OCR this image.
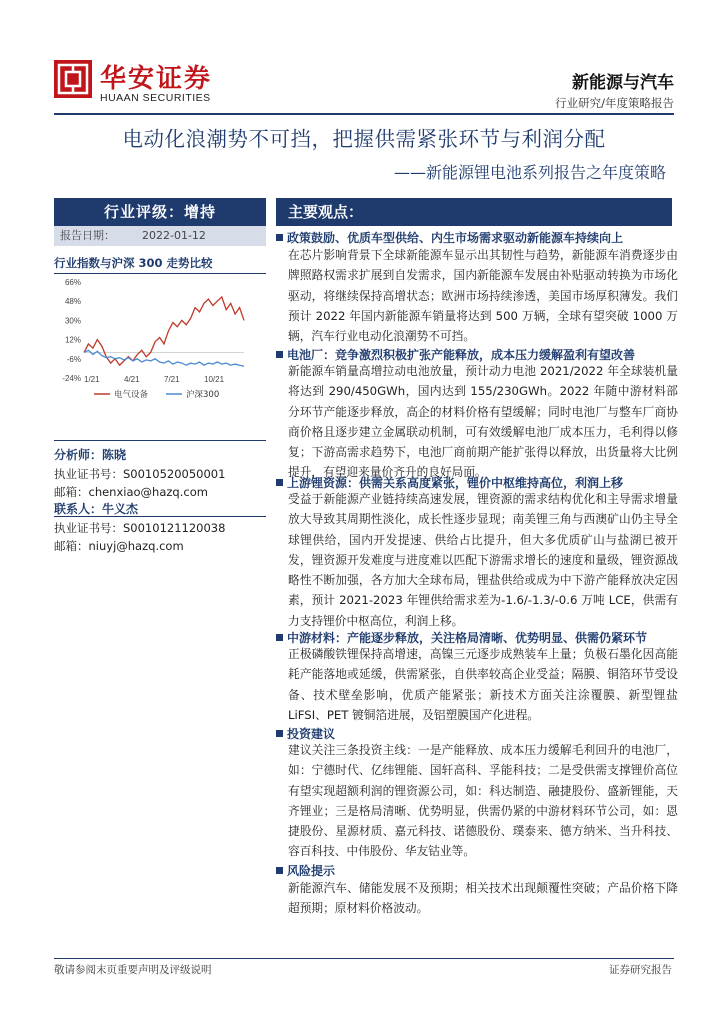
华安证券
HUAAN SECURITIES
新能源与汽车
行业研究/年度策略报告
电动化浪潮势不可挡，把握供需紧张环节与利润分配
——新能源锂电池系列报告之年度策略
行业评级：增持
报告日期： 2022-01-12
行业指数与沪深 300 走势比较
66%
48%
30%
12%
-6%
-24% 1/21	4/21	7/21	10/21
电气设备	沪深300
分析师：陈晓
执业证书号：S0010520050001
邮箱：chenxiao@hazq.com
联系人：牛义杰
执业证书号：S0010121120038
邮箱：niuyj@hazq.com
主要观点：
政策鼓励、优质车型供给、内生市场需求驱动新能源车持续向上

在芯片影响背景下全球新能源车显示出其韧性与趋势，新能源车消费逐步由牌照路权需求扩展到自发需求，国内新能源车发展由补贴驱动转换为市场化驱动，将继续保持高增状态；欧洲市场持续渗透，美国市场厚积薄发。我们预计 2022 年国内新能源车销量将达到 500 万辆，全球有望突破 1000 万辆，汽车行业电动化浪潮势不可挡。

电池厂：竞争激烈积极扩张产能释放，成本压力缓解盈利有望改善

新能源车销量高增拉动电池放量，预计动力电池 2021/2022 年全球装机量将达到 290/450GWh，国内达到 155/230GWh。2022 年随中游材料部分环节产能逐步释放，高企的材料价格有望缓解；同时电池厂与整车厂商协商价格且逐步建立金属联动机制，可有效缓解电池厂成本压力，毛利得以修复；下游高需求趋势下，电池厂商前期产能扩张得以释放，出货量将大比例提升，有望迎来量价齐升的良好局面。

上游锂资源：供需关系高度紧张，锂价中枢维持高位，利润上移

受益于新能源产业链持续高速发展，锂资源的需求结构优化和主导需求增量放大导致其周期性淡化，成长性逐步显现；南美锂三角与西澳矿山仍主导全球锂供给，国内开发提速、供给占比提升，但大多优质矿山与盐湖已被开发，锂资源开发难度与进度难以匹配下游需求增长的速度和量级，锂资源战略性不断加强，各方加大全球布局，锂盐供给或成为中下游产能释放决定因素，预计 2021-2023 年锂供给需求差为-1.6/-1.3/-0.6 万吨 LCE，供需有力支持锂价中枢高位，利润上移。

中游材料：产能逐步释放，关注格局清晰、优势明显、供需仍紧环节

正极磷酸铁锂保持高增速，高镍三元逐步成熟装车上量；负极石墨化因高能耗产能落地或延缓，供需紧张，自供率较高企业受益；隔膜、铜箔环节受设备、技术壁垒影响，优质产能紧张；新技术方面关注涂覆膜、新型锂盐 LiFSI、PET 镀铜箔进展，及铝塑膜国产化进程。

投资建议

建议关注三条投资主线：一是产能释放、成本压力缓解毛利回升的电池厂，如：宁德时代、亿纬锂能、国轩高科、孚能科技；二是受供需支撑锂价高位有望实现超额利润的锂资源公司，如：科达制造、融捷股份、盛新锂能，天齐锂业；三是格局清晰、优势明显，供需仍紧的中游材料环节公司，如：恩捷股份、星源材质、嘉元科技、诺德股份、璞泰来、德方纳米、当升科技、容百科技、中伟股份、华友钴业等。

风险提示

新能源汽车、储能发展不及预期；相关技术出现颠覆性突破；产品价格下降超预期；原材料价格波动。

敬请参阅末页重要声明及评级说明	证券研究报告
